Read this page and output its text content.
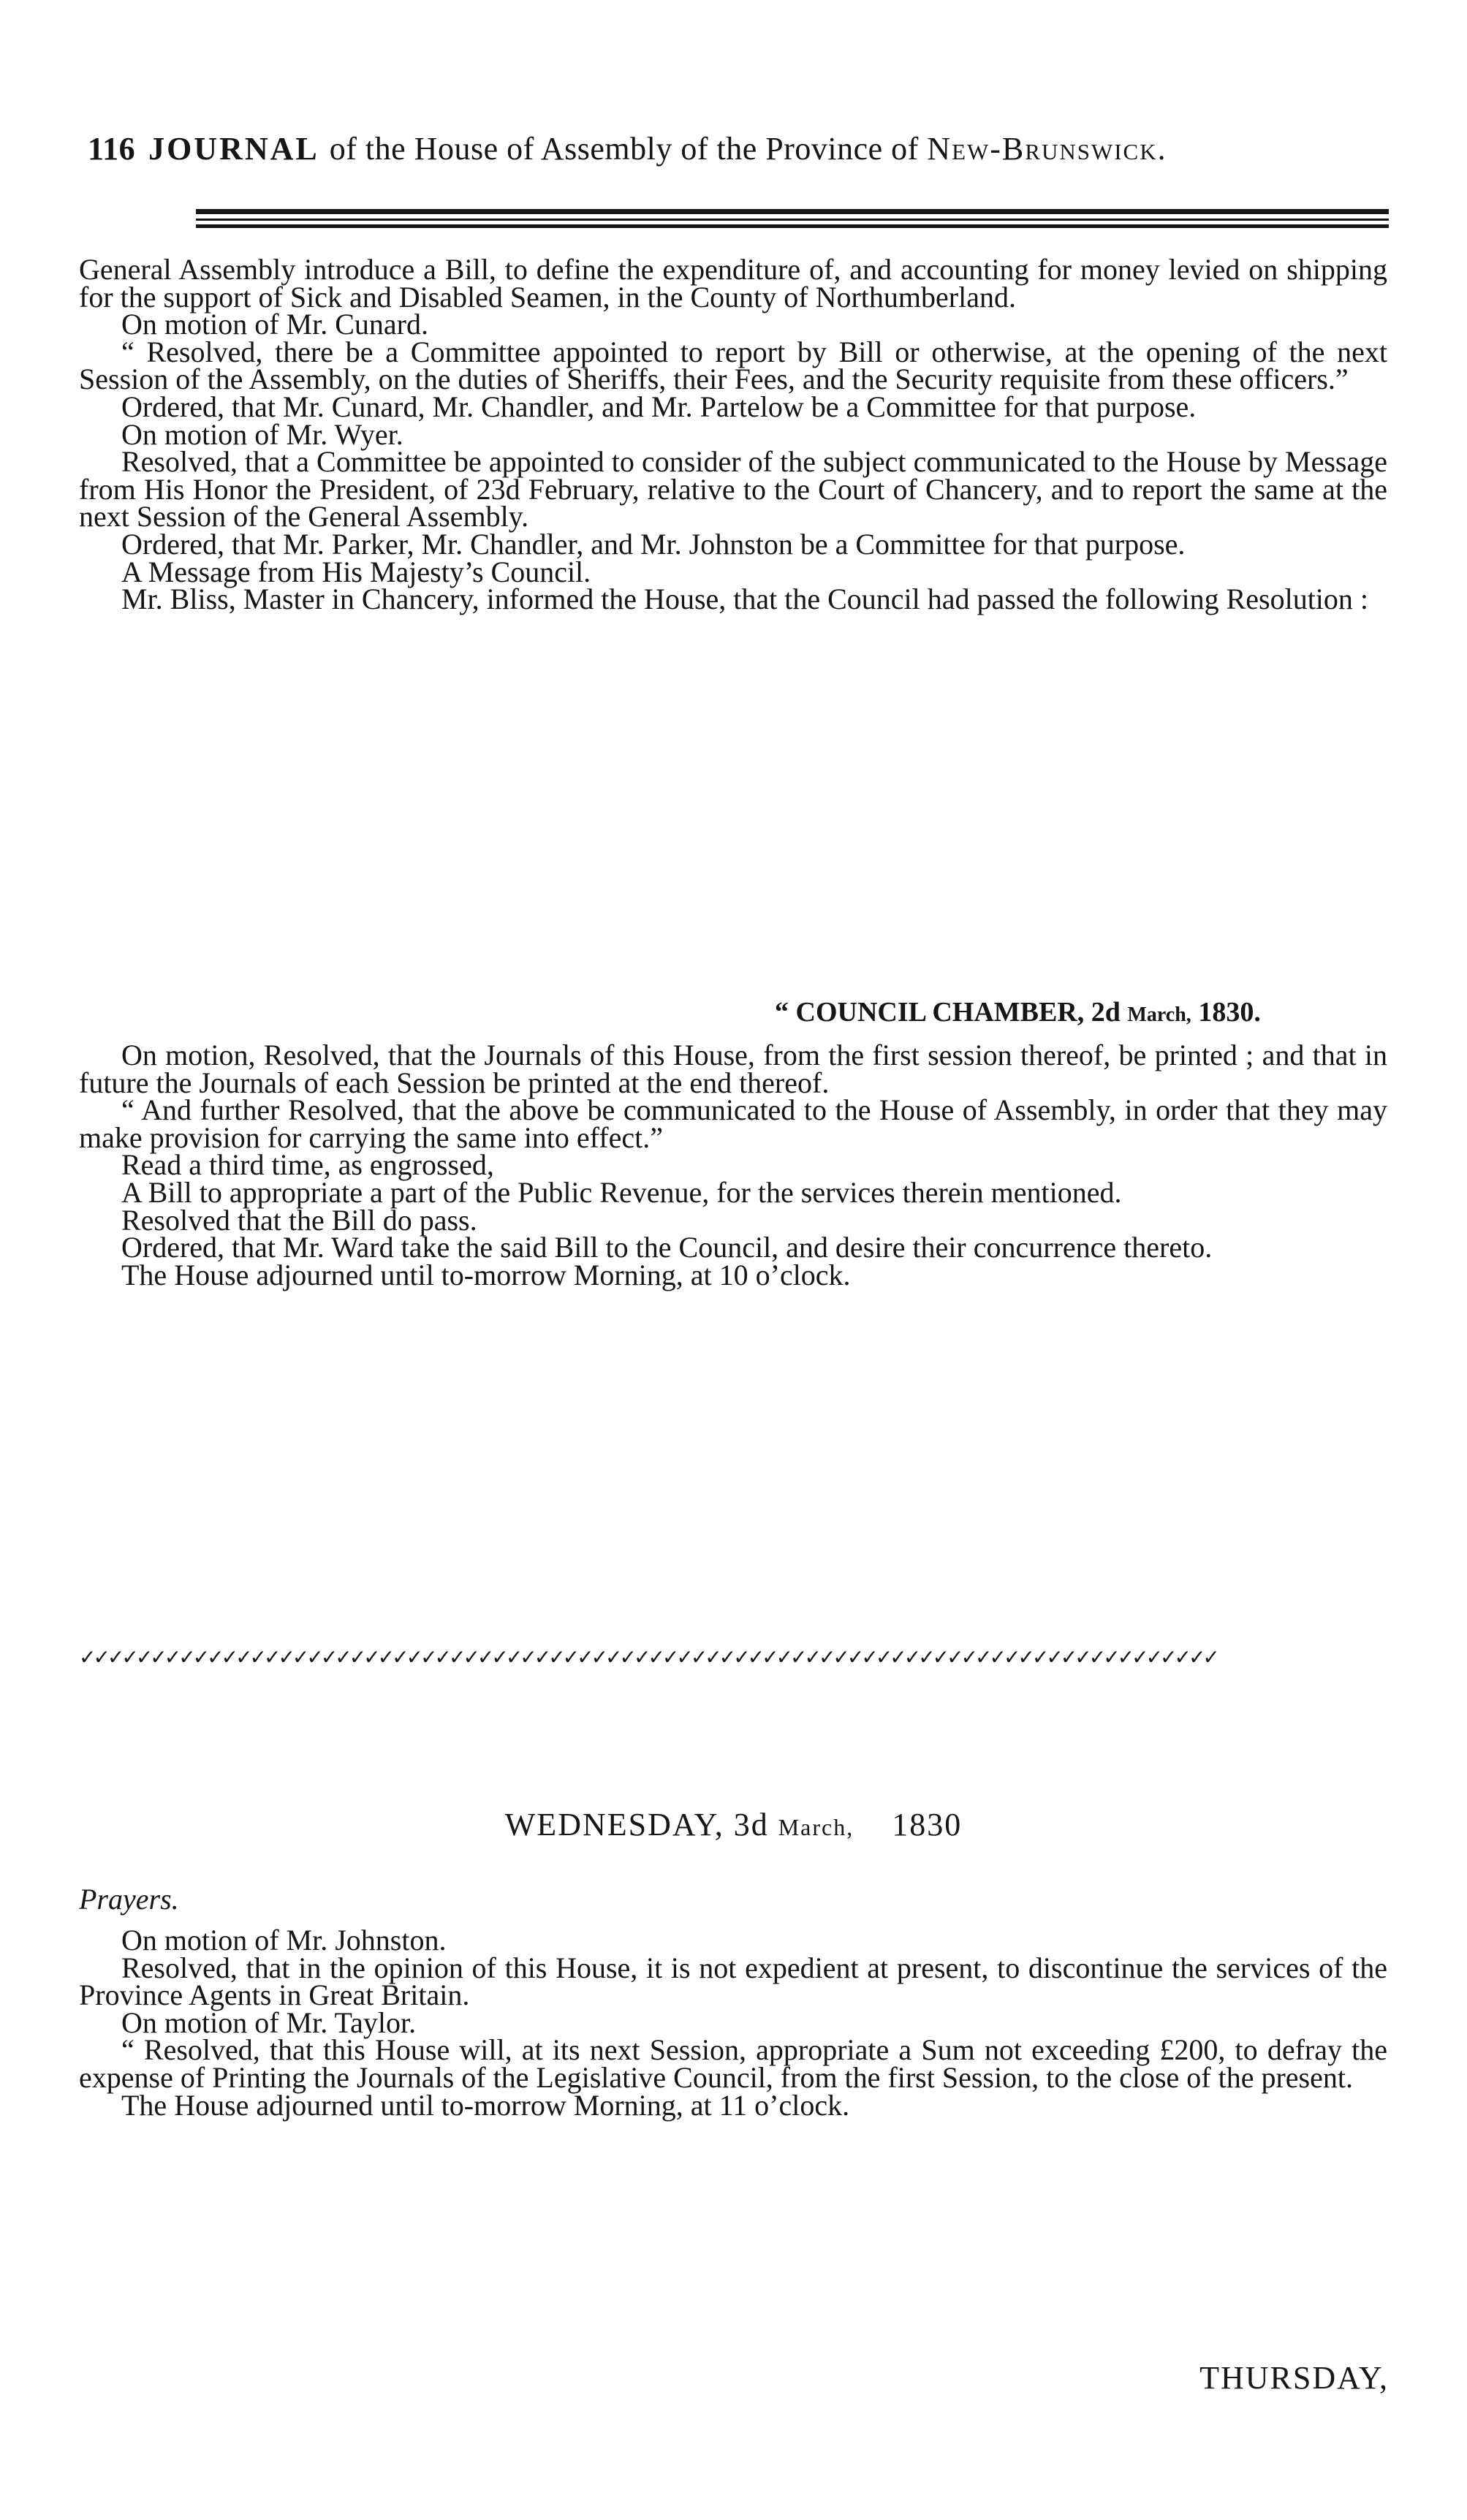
116 JOURNAL of the House of Assembly of the Province of New-Brunswick.

General Assembly introduce a Bill, to define the expenditure of, and accounting for money levied on shipping for the support of Sick and Disabled Seamen, in the County of Northumberland.

On motion of Mr. Cunard.

“ Resolved, there be a Committee appointed to report by Bill or otherwise, at the opening of the next Session of the Assembly, on the duties of Sheriffs, their Fees, and the Security requisite from these officers.”

Ordered, that Mr. Cunard, Mr. Chandler, and Mr. Partelow be a Committee for that purpose.

On motion of Mr. Wyer.

Resolved, that a Committee be appointed to consider of the subject communicated to the House by Message from His Honor the President, of 23d February, relative to the Court of Chancery, and to report the same at the next Session of the General Assembly.

Ordered, that Mr. Parker, Mr. Chandler, and Mr. Johnston be a Committee for that purpose.

A Message from His Majesty’s Council.

Mr. Bliss, Master in Chancery, informed the House, that the Council had passed the following Resolution :

“ COUNCIL CHAMBER, 2d March, 1830.

On motion, Resolved, that the Journals of this House, from the first session thereof, be printed ; and that in future the Journals of each Session be printed at the end thereof.

“ And further Resolved, that the above be communicated to the House of Assembly, in order that they may make provision for carrying the same into effect.”

Read a third time, as engrossed,

A Bill to appropriate a part of the Public Revenue, for the services therein mentioned.

Resolved that the Bill do pass.

Ordered, that Mr. Ward take the said Bill to the Council, and desire their concurrence thereto.

The House adjourned until to-morrow Morning, at 10 o’clock.

✓✓✓✓✓✓✓✓✓✓✓✓✓✓✓✓✓✓✓✓✓✓✓✓✓✓✓✓✓✓✓✓✓✓✓✓✓✓✓✓✓✓✓✓✓✓✓✓✓✓✓✓✓✓✓✓✓✓✓✓✓✓✓✓✓✓✓✓✓✓✓✓✓✓✓✓✓✓✓✓
WEDNESDAY, 3d March, 1830
Prayers.

On motion of Mr. Johnston.

Resolved, that in the opinion of this House, it is not expedient at present, to discontinue the services of the Province Agents in Great Britain.

On motion of Mr. Taylor.

“ Resolved, that this House will, at its next Session, appropriate a Sum not exceeding £200, to defray the expense of Printing the Journals of the Legislative Council, from the first Session, to the close of the present.

The House adjourned until to-morrow Morning, at 11 o’clock.

THURSDAY,
